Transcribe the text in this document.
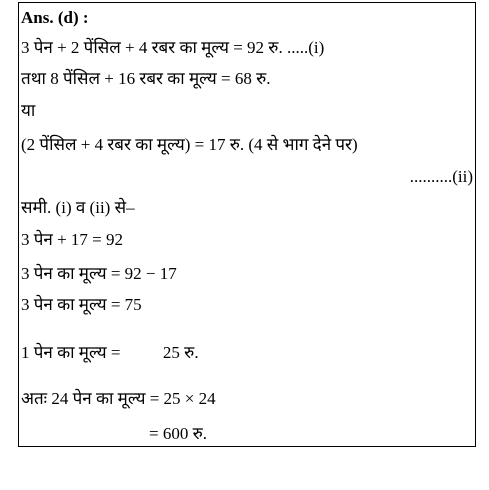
Ans. (d) :
3 पेन + 2 पेंसिल + 4 रबर का मूल्य = 92 रु. .....(i)
तथा 8 पेंसिल + 16 रबर का मूल्य = 68 रु.
या
(2 पेंसिल + 4 रबर का मूल्य) = 17 रु. (4 से भाग देने पर)
..........(ii)
समी. (i) व (ii) से–
3 पेन + 17 = 92
3 पेन का मूल्य = 92 − 17
3 पेन का मूल्य = 75
1 पेन का मूल्य =          25 रु.
अतः 24 पेन का मूल्य = 25 × 24
= 600 रु.
